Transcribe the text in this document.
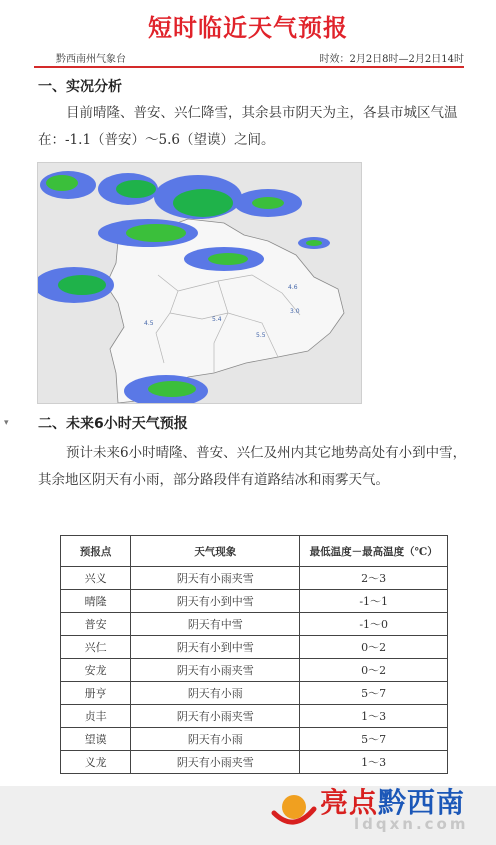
短时临近天气预报
黔西南州气象台	时效：2月2日8时—2月2日14时
一、实况分析
目前晴隆、普安、兴仁降雪，其余县市阴天为主，各县市城区气温在：-1.1（普安）～5.6（望谟）之间。
4.5
3.0
5.4
5.5
4.6
▾ 二、未来6小时天气预报
预计未来6小时晴隆、普安、兴仁及州内其它地势高处有小到中雪，其余地区阴天有小雨，部分路段伴有道路结冰和雨雾天气。
预报点	天气现象	最低温度－最高温度（℃）
兴义	阴天有小雨夹雪	2～3
晴隆	阴天有小到中雪	-1～1
普安	阴天有中雪	-1～0
兴仁	阴天有小到中雪	0～2
安龙	阴天有小雨夹雪	0～2
册亨	阴天有小雨	5～7
贞丰	阴天有小雨夹雪	1～3
望谟	阴天有小雨	5～7
义龙	阴天有小雨夹雪	1～3
亮点黔西南
ldqxn.com
